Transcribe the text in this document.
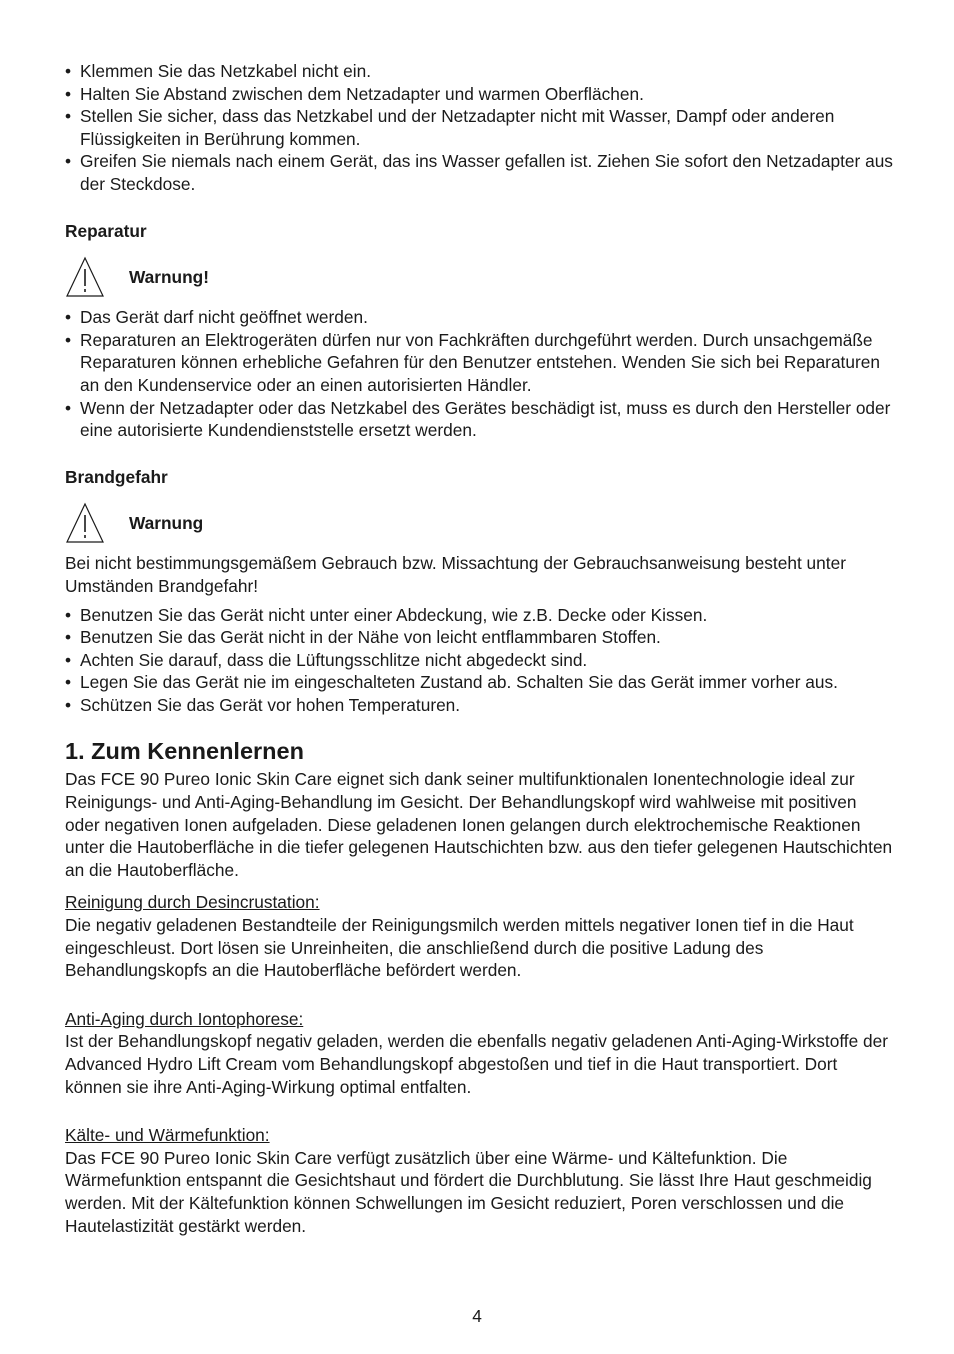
• Klemmen Sie das Netzkabel nicht ein.
• Halten Sie Abstand zwischen dem Netzadapter und warmen Oberflächen.
• Stellen Sie sicher, dass das Netzkabel und der Netzadapter nicht mit Wasser, Dampf oder anderen Flüssigkeiten in Berührung kommen.
• Greifen Sie niemals nach einem Gerät, das ins Wasser gefallen ist. Ziehen Sie sofort den Netzadapter aus der Steckdose.

Reparatur

Warnung!
• Das Gerät darf nicht geöffnet werden.
• Reparaturen an Elektrogeräten dürfen nur von Fachkräften durchgeführt werden. Durch unsachgemäße Reparaturen können erhebliche Gefahren für den Benutzer entstehen. Wenden Sie sich bei Reparaturen an den Kundenservice oder an einen autorisierten Händler.
• Wenn der Netzadapter oder das Netzkabel des Gerätes beschädigt ist, muss es durch den Hersteller oder eine autorisierte Kundendienststelle ersetzt werden.

Brandgefahr

Warnung

Bei nicht bestimmungsgemäßem Gebrauch bzw. Missachtung der Gebrauchsanweisung besteht unter Umständen Brandgefahr!

• Benutzen Sie das Gerät nicht unter einer Abdeckung, wie z.B. Decke oder Kissen.
• Benutzen Sie das Gerät nicht in der Nähe von leicht entflammbaren Stoffen.
• Achten Sie darauf, dass die Lüftungsschlitze nicht abgedeckt sind.
• Legen Sie das Gerät nie im eingeschalteten Zustand ab. Schalten Sie das Gerät immer vorher aus.
• Schützen Sie das Gerät vor hohen Temperaturen.
1. Zum Kennenlernen

Das FCE 90 Pureo Ionic Skin Care eignet sich dank seiner multifunktionalen Ionentechnologie ideal zur Reinigungs- und Anti-Aging-Behandlung im Gesicht. Der Behandlungskopf wird wahlweise mit positiven oder negativen Ionen aufgeladen. Diese geladenen Ionen gelangen durch elektrochemische Reaktionen unter die Hautoberfläche in die tiefer gelegenen Hautschichten bzw. aus den tiefer gelegenen Hautschichten an die Hautoberfläche.

Reinigung durch Desincrustation:

Die negativ geladenen Bestandteile der Reinigungsmilch werden mittels negativer Ionen tief in die Haut eingeschleust. Dort lösen sie Unreinheiten, die anschließend durch die positive Ladung des Behandlungskopfs an die Hautoberfläche befördert werden.

Anti-Aging durch Iontophorese:

Ist der Behandlungskopf negativ geladen, werden die ebenfalls negativ geladenen Anti-Aging-Wirkstoffe der Advanced Hydro Lift Cream vom Behandlungskopf abgestoßen und tief in die Haut transportiert. Dort können sie ihre Anti-Aging-Wirkung optimal entfalten.

Kälte- und Wärmefunktion:

Das FCE 90 Pureo Ionic Skin Care verfügt zusätzlich über eine Wärme- und Kältefunktion. Die Wärmefunktion entspannt die Gesichtshaut und fördert die Durchblutung. Sie lässt Ihre Haut geschmeidig werden. Mit der Kältefunktion können Schwellungen im Gesicht reduziert, Poren verschlossen und die Hautelastizität gestärkt werden.

4
